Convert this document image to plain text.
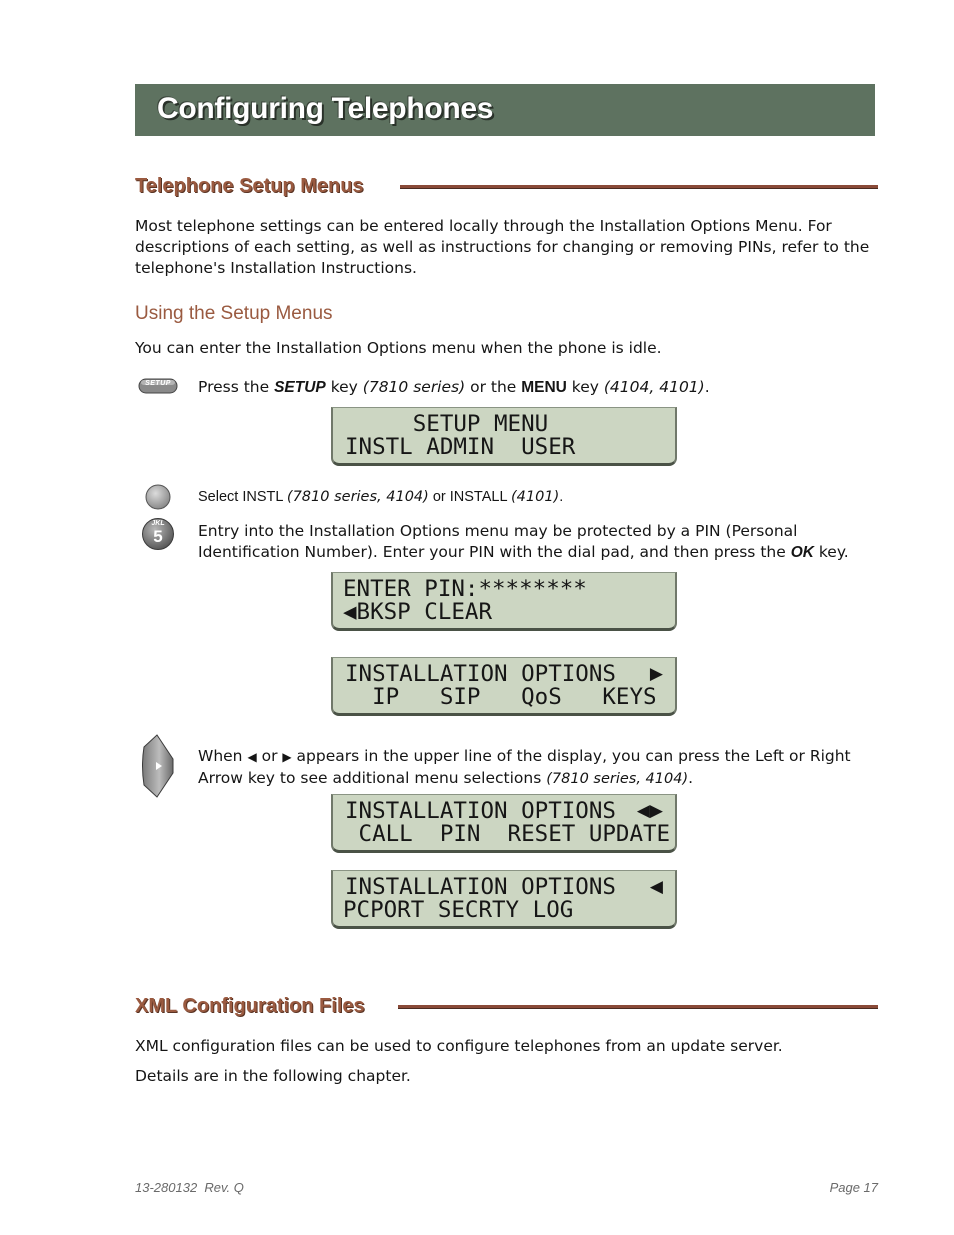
Configuring Telephones
Telephone Setup Menus
Most telephone settings can be entered locally through the Installation Options Menu. For descriptions of each setting, as well as instructions for changing or removing PINs, refer to the telephone's Installation Instructions.
Using the Setup Menus
You can enter the Installation Options menu when the phone is idle.
SETUP	Press the SETUP key (7810 series) or the MENU key (4104, 4101).
SETUP MENU
INSTL ADMIN  USER
Select INSTL (7810 series, 4104) or INSTALL (4101).
JKL
5	Entry into the Installation Options menu may be protected by a PIN (Personal Identification Number). Enter your PIN with the dial pad, and then press the OK key.
ENTER PIN:********
◀BKSP CLEAR
INSTALLATION OPTIONS	▶
IP   SIP   QoS   KEYS
When ◀ or ▶ appears in the upper line of the display, you can press the Left or Right Arrow key to see additional menu selections (7810 series, 4104).
INSTALLATION OPTIONS	◀▶
CALL  PIN  RESET UPDATE
INSTALLATION OPTIONS	◀
PCPORT SECRTY LOG
XML Configuration Files
XML configuration files can be used to configure telephones from an update server.
Details are in the following chapter.
13-280132  Rev. Q	Page 17
